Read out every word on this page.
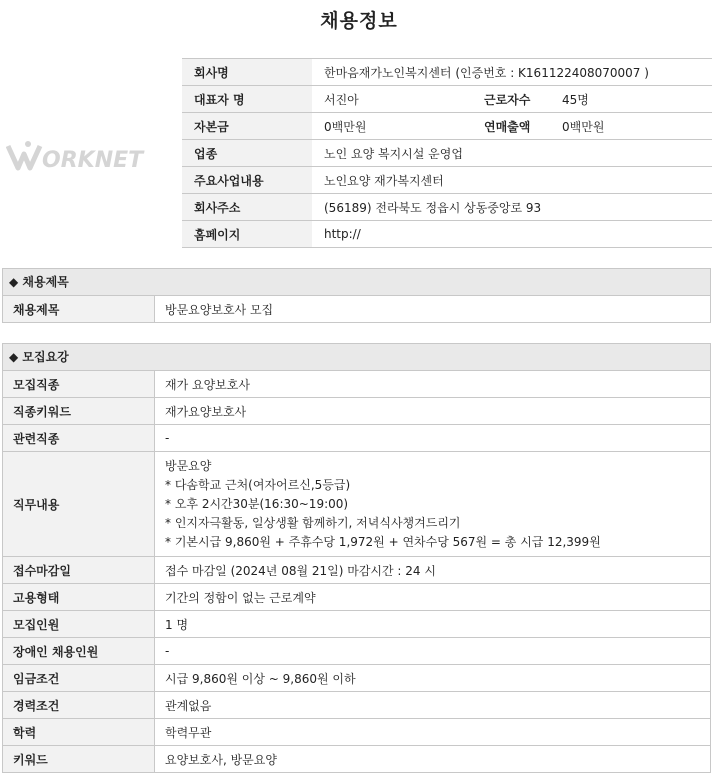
채용정보
ORKNET
회사명	한마음재가노인복지센터 (인증번호 : K161122408070007 )		
대표자 명	서진아	근로자수	45명
자본금	0백만원	연매출액	0백만원
업종	노인 요양 복지시설 운영업		
주요사업내용	노인요양 재가복지센터		
회사주소	(56189) 전라북도 정읍시 상동중앙로 93		
홈페이지	http://		
◆ 채용제목
채용제목	방문요양보호사 모집
◆ 모집요강
모집직종	재가 요양보호사
직종키워드	재가요양보호사
관련직종	-
직무내용	방문요양
* 다솜학교 근처(여자어르신,5등급)
* 오후 2시간30분(16:30~19:00)
* 인지자극활동, 일상생활 함께하기, 저녁식사챙겨드리기
* 기본시급 9,860원 + 주휴수당 1,972원 + 연차수당 567원 = 총 시급 12,399원

접수마감일	접수 마감일 (2024년 08월 21일) 마감시간 : 24 시
고용형태	기간의 정함이 없는 근로계약
모집인원	1 명
장애인 채용인원	-
임금조건	시급 9,860원 이상 ~ 9,860원 이하
경력조건	관계없음
학력	학력무관
키워드	요양보호사, 방문요양
